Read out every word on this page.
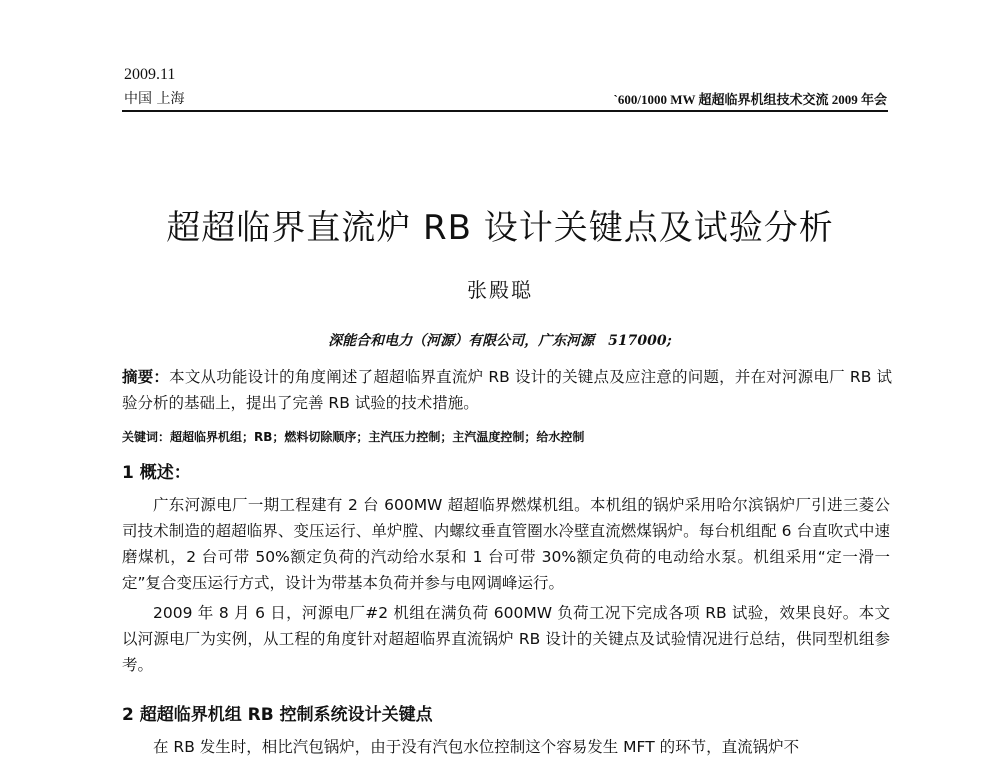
2009.11
中国 上海	`600/1000 MW 超超临界机组技术交流 2009 年会
超超临界直流炉 RB 设计关键点及试验分析
张殿聪
深能合和电力（河源）有限公司，广东河源　517000;
摘要：本文从功能设计的角度阐述了超超临界直流炉 RB 设计的关键点及应注意的问题，并在对河源电厂 RB 试验分析的基础上，提出了完善 RB 试验的技术措施。
关键词：超超临界机组；RB；燃料切除顺序；主汽压力控制；主汽温度控制；给水控制
1 概述：

广东河源电厂一期工程建有 2 台 600MW 超超临界燃煤机组。本机组的锅炉采用哈尔滨锅炉厂引进三菱公司技术制造的超超临界、变压运行、单炉膛、内螺纹垂直管圈水冷壁直流燃煤锅炉。每台机组配 6 台直吹式中速磨煤机，2 台可带 50%额定负荷的汽动给水泵和 1 台可带 30%额定负荷的电动给水泵。机组采用“定一滑一定”复合变压运行方式，设计为带基本负荷并参与电网调峰运行。

2009 年 8 月 6 日，河源电厂#2 机组在满负荷 600MW 负荷工况下完成各项 RB 试验，效果良好。本文以河源电厂为实例，从工程的角度针对超超临界直流锅炉 RB 设计的关键点及试验情况进行总结，供同型机组参考。

2 超超临界机组 RB 控制系统设计关键点

在 RB 发生时，相比汽包锅炉，由于没有汽包水位控制这个容易发生 MFT 的环节，直流锅炉不
